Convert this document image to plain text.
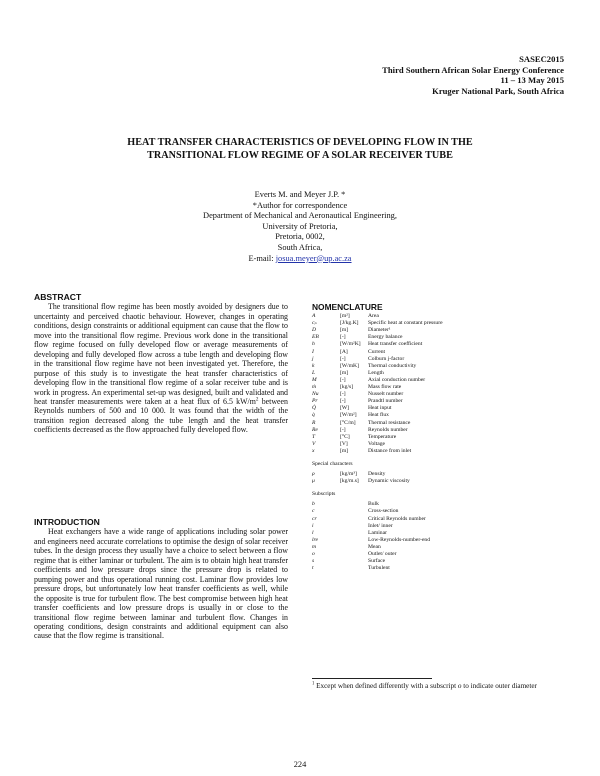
SASEC2015
Third Southern African Solar Energy Conference
11 – 13 May 2015
Kruger National Park, South Africa
HEAT TRANSFER CHARACTERISTICS OF DEVELOPING FLOW IN THE
TRANSITIONAL FLOW REGIME OF A SOLAR RECEIVER TUBE
Everts M. and Meyer J.P. *
*Author for correspondence
Department of Mechanical and Aeronautical Engineering,
University of Pretoria,
Pretoria, 0002,
South Africa,
E-mail: josua.meyer@up.ac.za
ABSTRACT

The transitional flow regime has been mostly avoided by designers due to uncertainty and perceived chaotic behaviour. However, changes in operating conditions, design constraints or additional equipment can cause that the flow to move into the transitional flow regime. Previous work done in the transitional flow regime focused on fully developed flow or average measurements of developing and fully developed flow across a tube length and developing flow in the transitional flow regime have not been investigated yet. Therefore, the purpose of this study is to investigate the heat transfer characteristics of developing flow in the transitional flow regime of a solar receiver tube and is work in progress. An experimental set-up was designed, built and validated and heat transfer measurements were taken at a heat flux of 6.5 $kW/m^2$ between Reynolds numbers of 500 and 10 000. It was found that the width of the transition region decreased along the tube length and the heat transfer coefficients decreased as the flow approached fully developed flow.

INTRODUCTION

Heat exchangers have a wide range of applications including solar power and engineers need accurate correlations to optimise the design of solar receiver tubes. In the design process they usually have a choice to select between a flow regime that is either laminar or turbulent. The aim is to obtain high heat transfer coefficients and low pressure drops since the pressure drop is related to pumping power and thus operational running cost. Laminar flow provides low pressure drops, but unfortunately low heat transfer coefficients as well, while the opposite is true for turbulent flow. The best compromise between high heat transfer coefficients and low pressure drops is usually in or close to the transitional flow regime between laminar and turbulent flow. Changes in operating conditions, design constraints and additional equipment can also cause that the flow regime is transitional.

NOMENCLATURE
A	[m²]	Area
cₚ	[J/kg.K]	Specific heat at constant pressure
D	[m]	Diameter¹
EB	[-]	Energy balance
h	[W/m²K]	Heat transfer coefficient
I	[A]	Current
j	[-]	Colburn j-factor
k	[W/mK]	Thermal conductivity
L	[m]	Length
M	[-]	Axial conduction number
ṁ	[kg/s]	Mass flow rate
Nu	[-]	Nusselt number
Pr	[-]	Prandtl number
Q̇	[W]	Heat input
q̇	[W/m²]	Heat flux
R	[°C/m]	Thermal resistance
Re	[-]	Reynolds number
T	[°C]	Temperature
V	[V]	Voltage
x	[m]	Distance from inlet
Special characters
ρ	[kg/m³]	Density
μ	[kg/m.s]	Dynamic viscosity
Subscripts
b	Bulk
c	Cross-section
cr	Critical Reynolds number
i	Inlet/ inner
l	Laminar
lre	Low-Reynolds-number-end
m	Mean
o	Outlet/ outer
s	Surface
t	Turbulent
$^1$ Except when defined differently with a subscript o to indicate outer diameter
224
